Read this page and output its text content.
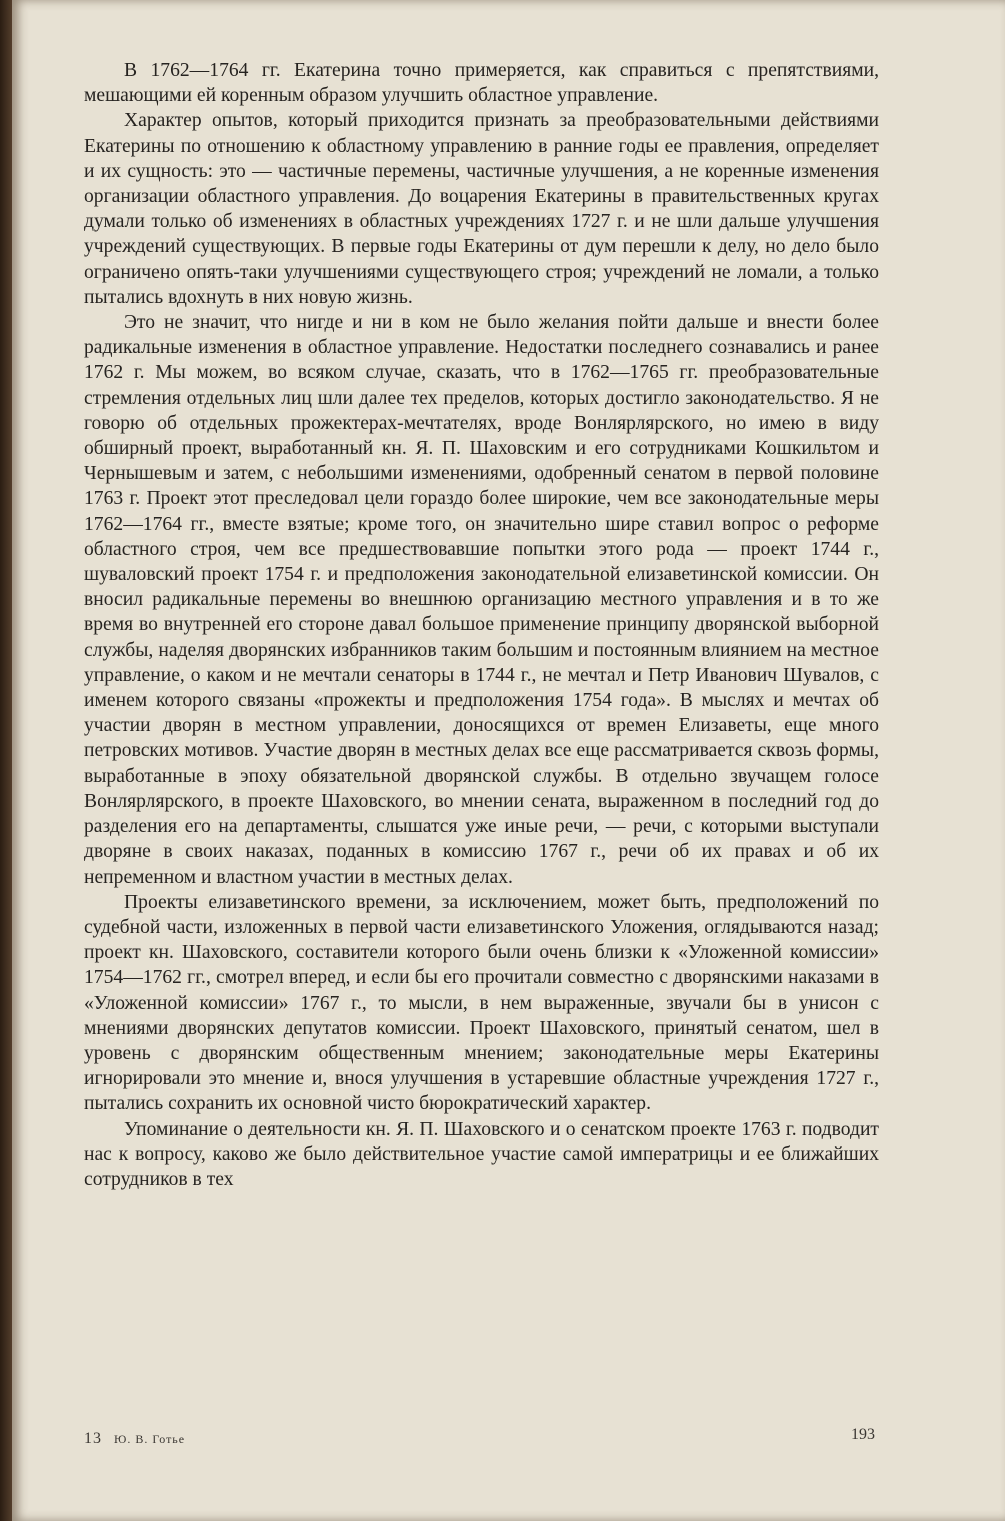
В 1762—1764 гг. Екатерина точно примеряется, как справиться с препятствиями, мешающими ей коренным образом улучшить областное управление.

Характер опытов, который приходится признать за преобразовательными действиями Екатерины по отношению к областному управлению в ранние годы ее правления, определяет и их сущность: это — частичные перемены, частичные улучшения, а не коренные изменения организации областного управления. До воцарения Екатерины в правительственных кругах думали только об изменениях в областных учреждениях 1727 г. и не шли дальше улучшения учреждений существующих. В первые годы Екатерины от дум перешли к делу, но дело было ограничено опять-таки улучшениями существующего строя; учреждений не ломали, а только пытались вдохнуть в них новую жизнь.

Это не значит, что нигде и ни в ком не было желания пойти дальше и внести более радикальные изменения в областное управление. Недостатки последнего сознавались и ранее 1762 г. Мы можем, во всяком случае, сказать, что в 1762—1765 гг. преобразовательные стремления отдельных лиц шли далее тех пределов, которых достигло законодательство. Я не говорю об отдельных прожектерах-мечтателях, вроде Вонлярлярского, но имею в виду обширный проект, выработанный кн. Я. П. Шаховским и его сотрудниками Кошкильтом и Чернышевым и затем, с небольшими изменениями, одобренный сенатом в первой половине 1763 г. Проект этот преследовал цели гораздо более широкие, чем все законодательные меры 1762—1764 гг., вместе взятые; кроме того, он значительно шире ставил вопрос о реформе областного строя, чем все предшествовавшие попытки этого рода — проект 1744 г., шуваловский проект 1754 г. и предположения законодательной елизаветинской комиссии. Он вносил радикальные перемены во внешнюю организацию местного управления и в то же время во внутренней его стороне давал большое применение принципу дворянской выборной службы, наделяя дворянских избранников таким большим и постоянным влиянием на местное управление, о каком и не мечтали сенаторы в 1744 г., не мечтал и Петр Иванович Шувалов, с именем которого связаны «прожекты и предположения 1754 года». В мыслях и мечтах об участии дворян в местном управлении, доносящихся от времен Елизаветы, еще много петровских мотивов. Участие дворян в местных делах все еще рассматривается сквозь формы, выработанные в эпоху обязательной дворянской службы. В отдельно звучащем голосе Вонлярлярского, в проекте Шаховского, во мнении сената, выраженном в последний год до разделения его на департаменты, слышатся уже иные речи, — речи, с которыми выступали дворяне в своих наказах, поданных в комиссию 1767 г., речи об их правах и об их непременном и властном участии в местных делах.

Проекты елизаветинского времени, за исключением, может быть, предположений по судебной части, изложенных в первой части елизаветинского Уложения, оглядываются назад; проект кн. Шаховского, составители которого были очень близки к «Уложенной комиссии» 1754—1762 гг., смотрел вперед, и если бы его прочитали совместно с дворянскими наказами в «Уложенной комиссии» 1767 г., то мысли, в нем выраженные, звучали бы в унисон с мнениями дворянских депутатов комиссии. Проект Шаховского, принятый сенатом, шел в уровень с дворянским общественным мнением; законодательные меры Екатерины игнорировали это мнение и, внося улучшения в устаревшие областные учреждения 1727 г., пытались сохранить их основной чисто бюрократический характер.

Упоминание о деятельности кн. Я. П. Шаховского и о сенатском проекте 1763 г. подводит нас к вопросу, каково же было действительное участие самой императрицы и ее ближайших сотрудников в тех

13 Ю. В. Готье	193
